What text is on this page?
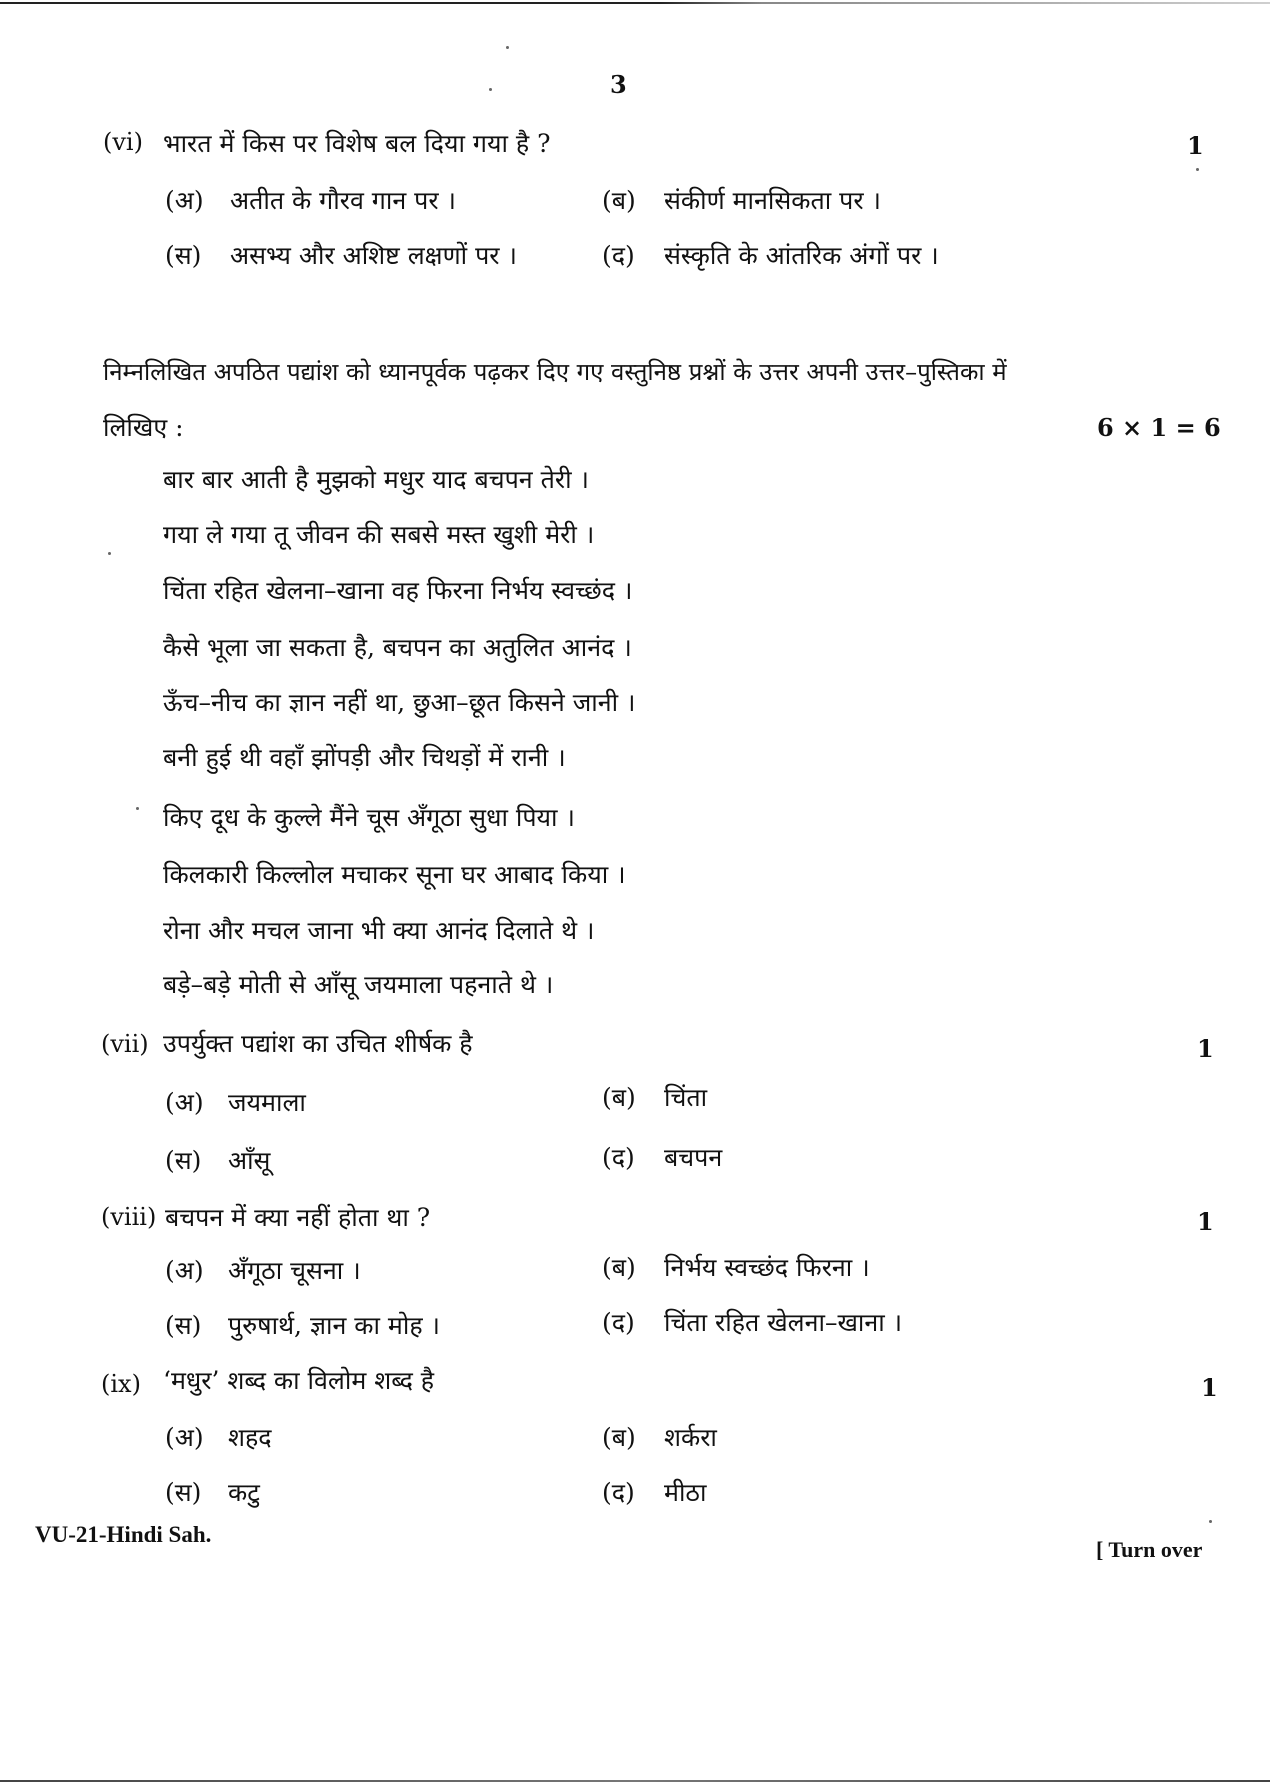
3
(vi) भारत में किस पर विशेष बल दिया गया है ?	1
(अ) अतीत के गौरव गान पर ।	(ब) संकीर्ण मानसिकता पर ।
(स) असभ्य और अशिष्ट लक्षणों पर ।	(द) संस्कृति के आंतरिक अंगों पर ।
निम्नलिखित अपठित पद्यांश को ध्यानपूर्वक पढ़कर दिए गए वस्तुनिष्ठ प्रश्नों के उत्तर अपनी उत्तर–पुस्तिका में
लिखिए :	6 × 1 = 6
बार बार आती है मुझको मधुर याद बचपन तेरी ।
गया ले गया तू जीवन की सबसे मस्त खुशी मेरी ।
चिंता रहित खेलना–खाना वह फिरना निर्भय स्वच्छंद ।
कैसे भूला जा सकता है, बचपन का अतुलित आनंद ।
ऊँच–नीच का ज्ञान नहीं था, छुआ–छूत किसने जानी ।
बनी हुई थी वहाँ झोंपड़ी और चिथड़ों में रानी ।
किए दूध के कुल्ले मैंने चूस अँगूठा सुधा पिया ।
किलकारी किल्लोल मचाकर सूना घर आबाद किया ।
रोना और मचल जाना भी क्या आनंद दिलाते थे ।
बड़े–बड़े मोती से आँसू जयमाला पहनाते थे ।
(vii) उपर्युक्त पद्यांश का उचित शीर्षक है	1
(अ) जयमाला	(ब) चिंता
(स) आँसू	(द) बचपन
(viii) बचपन में क्या नहीं होता था ?	1
(अ) अँगूठा चूसना ।	(ब) निर्भय स्वच्छंद फिरना ।
(स) पुरुषार्थ, ज्ञान का मोह ।	(द) चिंता रहित खेलना–खाना ।
(ix) ‘मधुर’ शब्द का विलोम शब्द है	1
(अ) शहद	(ब) शर्करा
(स) कटु	(द) मीठा
VU-21-Hindi Sah.
[ Turn over
